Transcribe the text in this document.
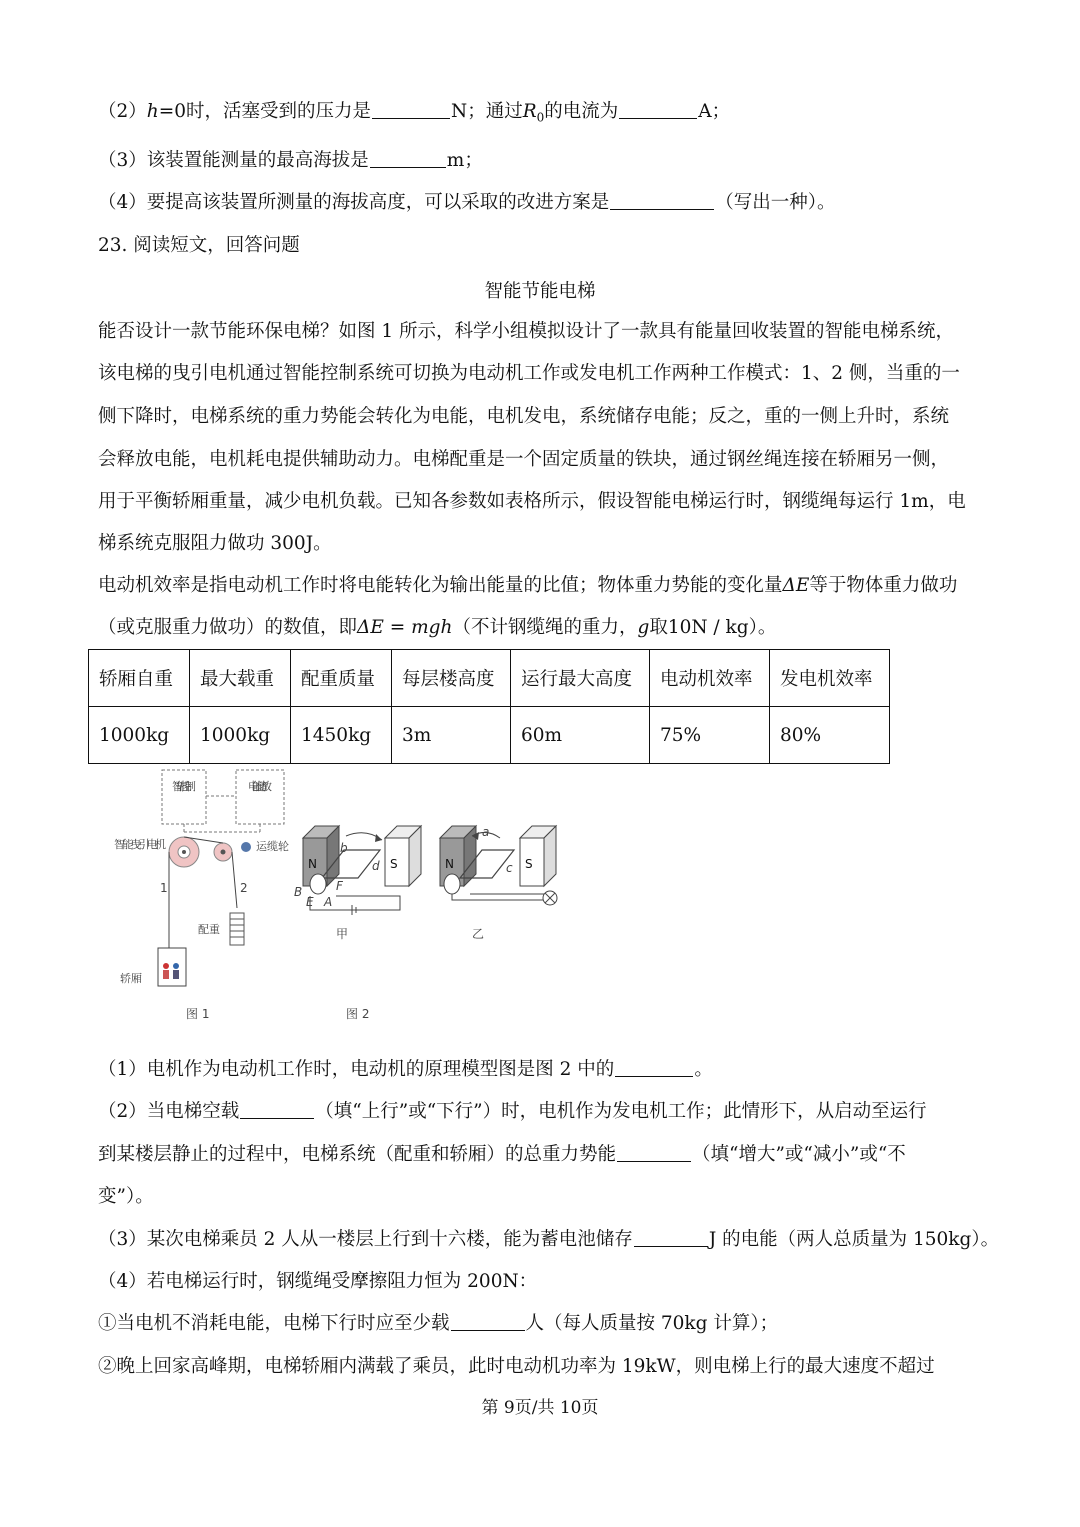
（2）h=0时，活塞受到的压力是	N；通过$R_0$的电流为	A；
（3）该装置能测量的最高海拔是	m；
（4）要提高该装置所测量的海拔高度，可以采取的改进方案是	（写出一种）。
23. 阅读短文，回答问题
智能节能电梯
能否设计一款节能环保电梯？如图 1 所示，科学小组模拟设计了一款具有能量回收装置的智能电梯系统，
该电梯的曳引电机通过智能控制系统可切换为电动机工作或发电机工作两种工作模式：1、2 侧，当重的一
侧下降时，电梯系统的重力势能会转化为电能，电机发电，系统储存电能；反之，重的一侧上升时，系统
会释放电能，电机耗电提供辅助动力。电梯配重是一个固定质量的铁块，通过钢丝绳连接在轿厢另一侧，
用于平衡轿厢重量，减少电机负载。已知各参数如表格所示，假设智能电梯运行时，钢缆绳每运行 1m，电
梯系统克服阻力做功 300J。
电动机效率是指电动机工作时将电能转化为输出能量的比值；物体重力势能的变化量ΔE等于物体重力做功
（或克服重力做功）的数值，即ΔE = mgh（不计钢缆绳的重力，g取10N / kg）。
轿厢自重	最大载重	配重质量	每层楼高度	运行最大高度	电动机效率	发电机效率
1000kg	1000kg	1450kg	3m	60m	75%	80%
智能控制	电能储放
智能曳引电机	运缆轮
1	2
配重
轿厢
图 1
N	S
b
d
F
E A
B
甲
N	S
a
c
乙
图 2
（1）电机作为电动机工作时，电动机的原理模型图是图 2 中的	。
（2）当电梯空载	（填“上行”或“下行”）时，电机作为发电机工作；此情形下，从启动至运行
到某楼层静止的过程中，电梯系统（配重和轿厢）的总重力势能	（填“增大”或“减小”或“不
变”）。
（3）某次电梯乘员 2 人从一楼层上行到十六楼，能为蓄电池储存	J 的电能（两人总质量为 150kg）。
（4）若电梯运行时，钢缆绳受摩擦阻力恒为 200N：
①当电机不消耗电能，电梯下行时应至少载	人（每人质量按 70kg 计算）；
②晚上回家高峰期，电梯轿厢内满载了乘员，此时电动机功率为 19kW，则电梯上行的最大速度不超过
第 9页/共 10页
